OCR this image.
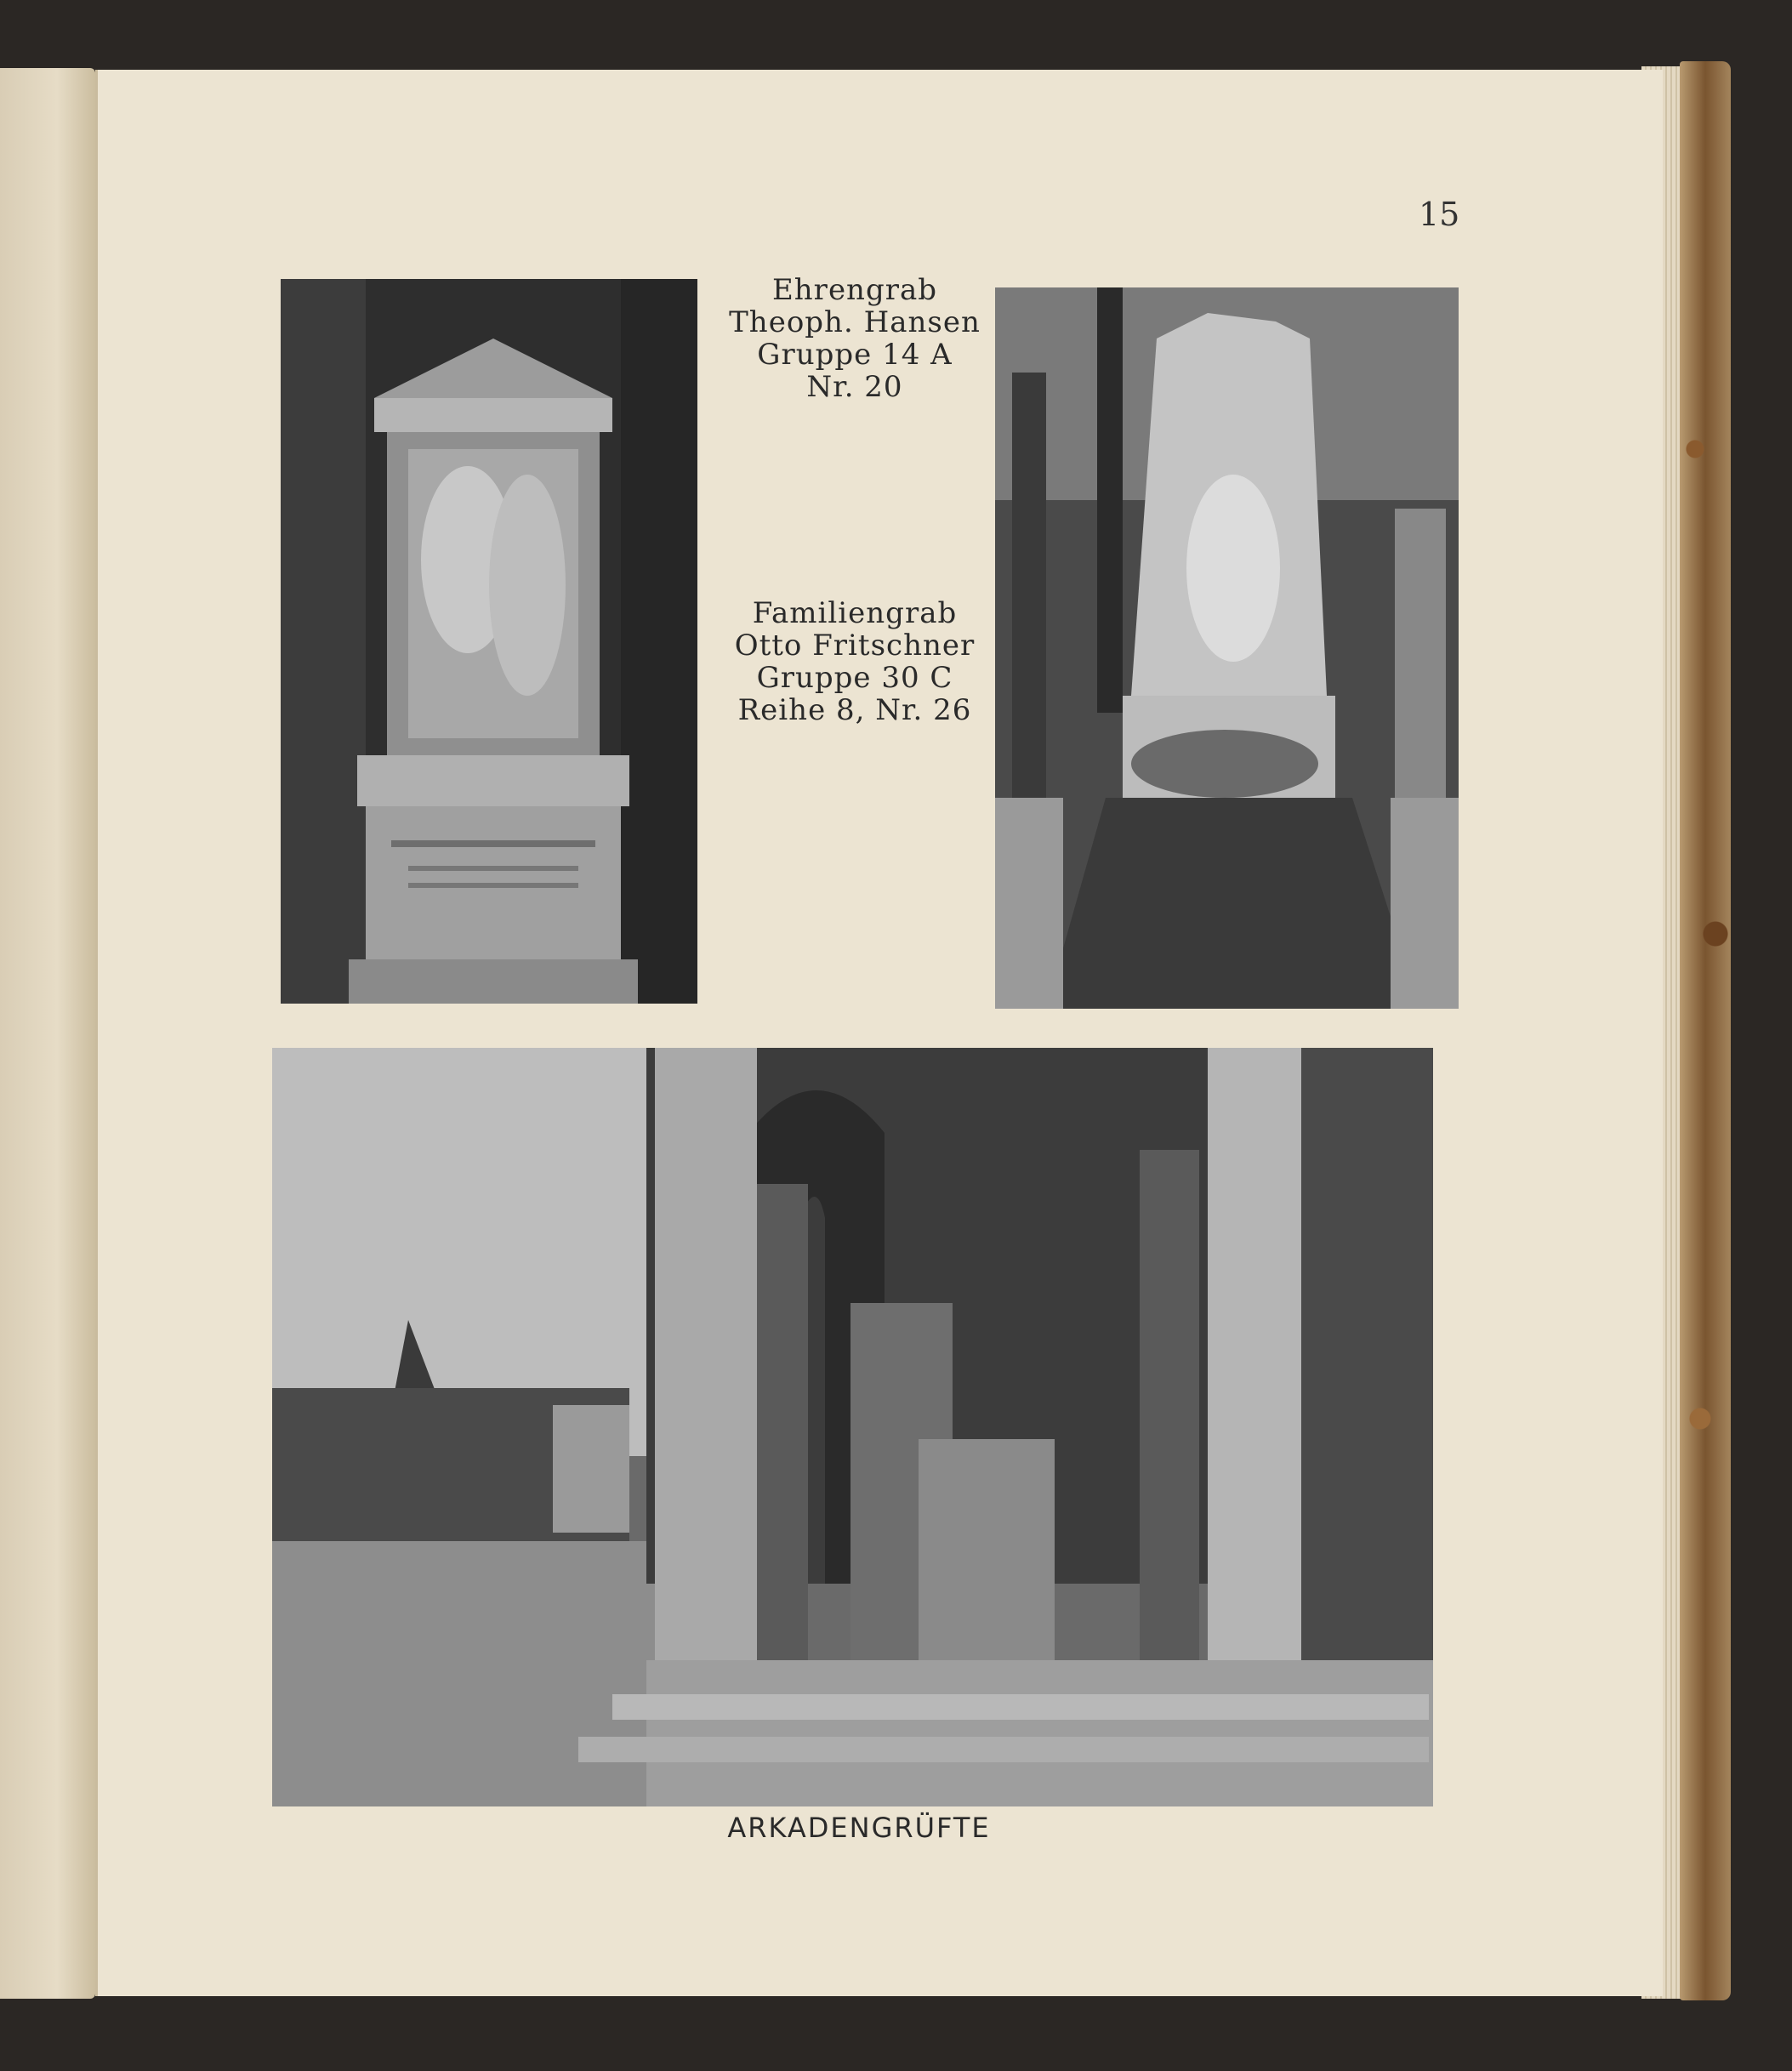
15
Ehrengrab
Theoph. Hansen
Gruppe 14 A
Nr. 20
Familiengrab
Otto Fritschner
Gruppe 30 C
Reihe 8, Nr. 26
ARKADENGRÜFTE
